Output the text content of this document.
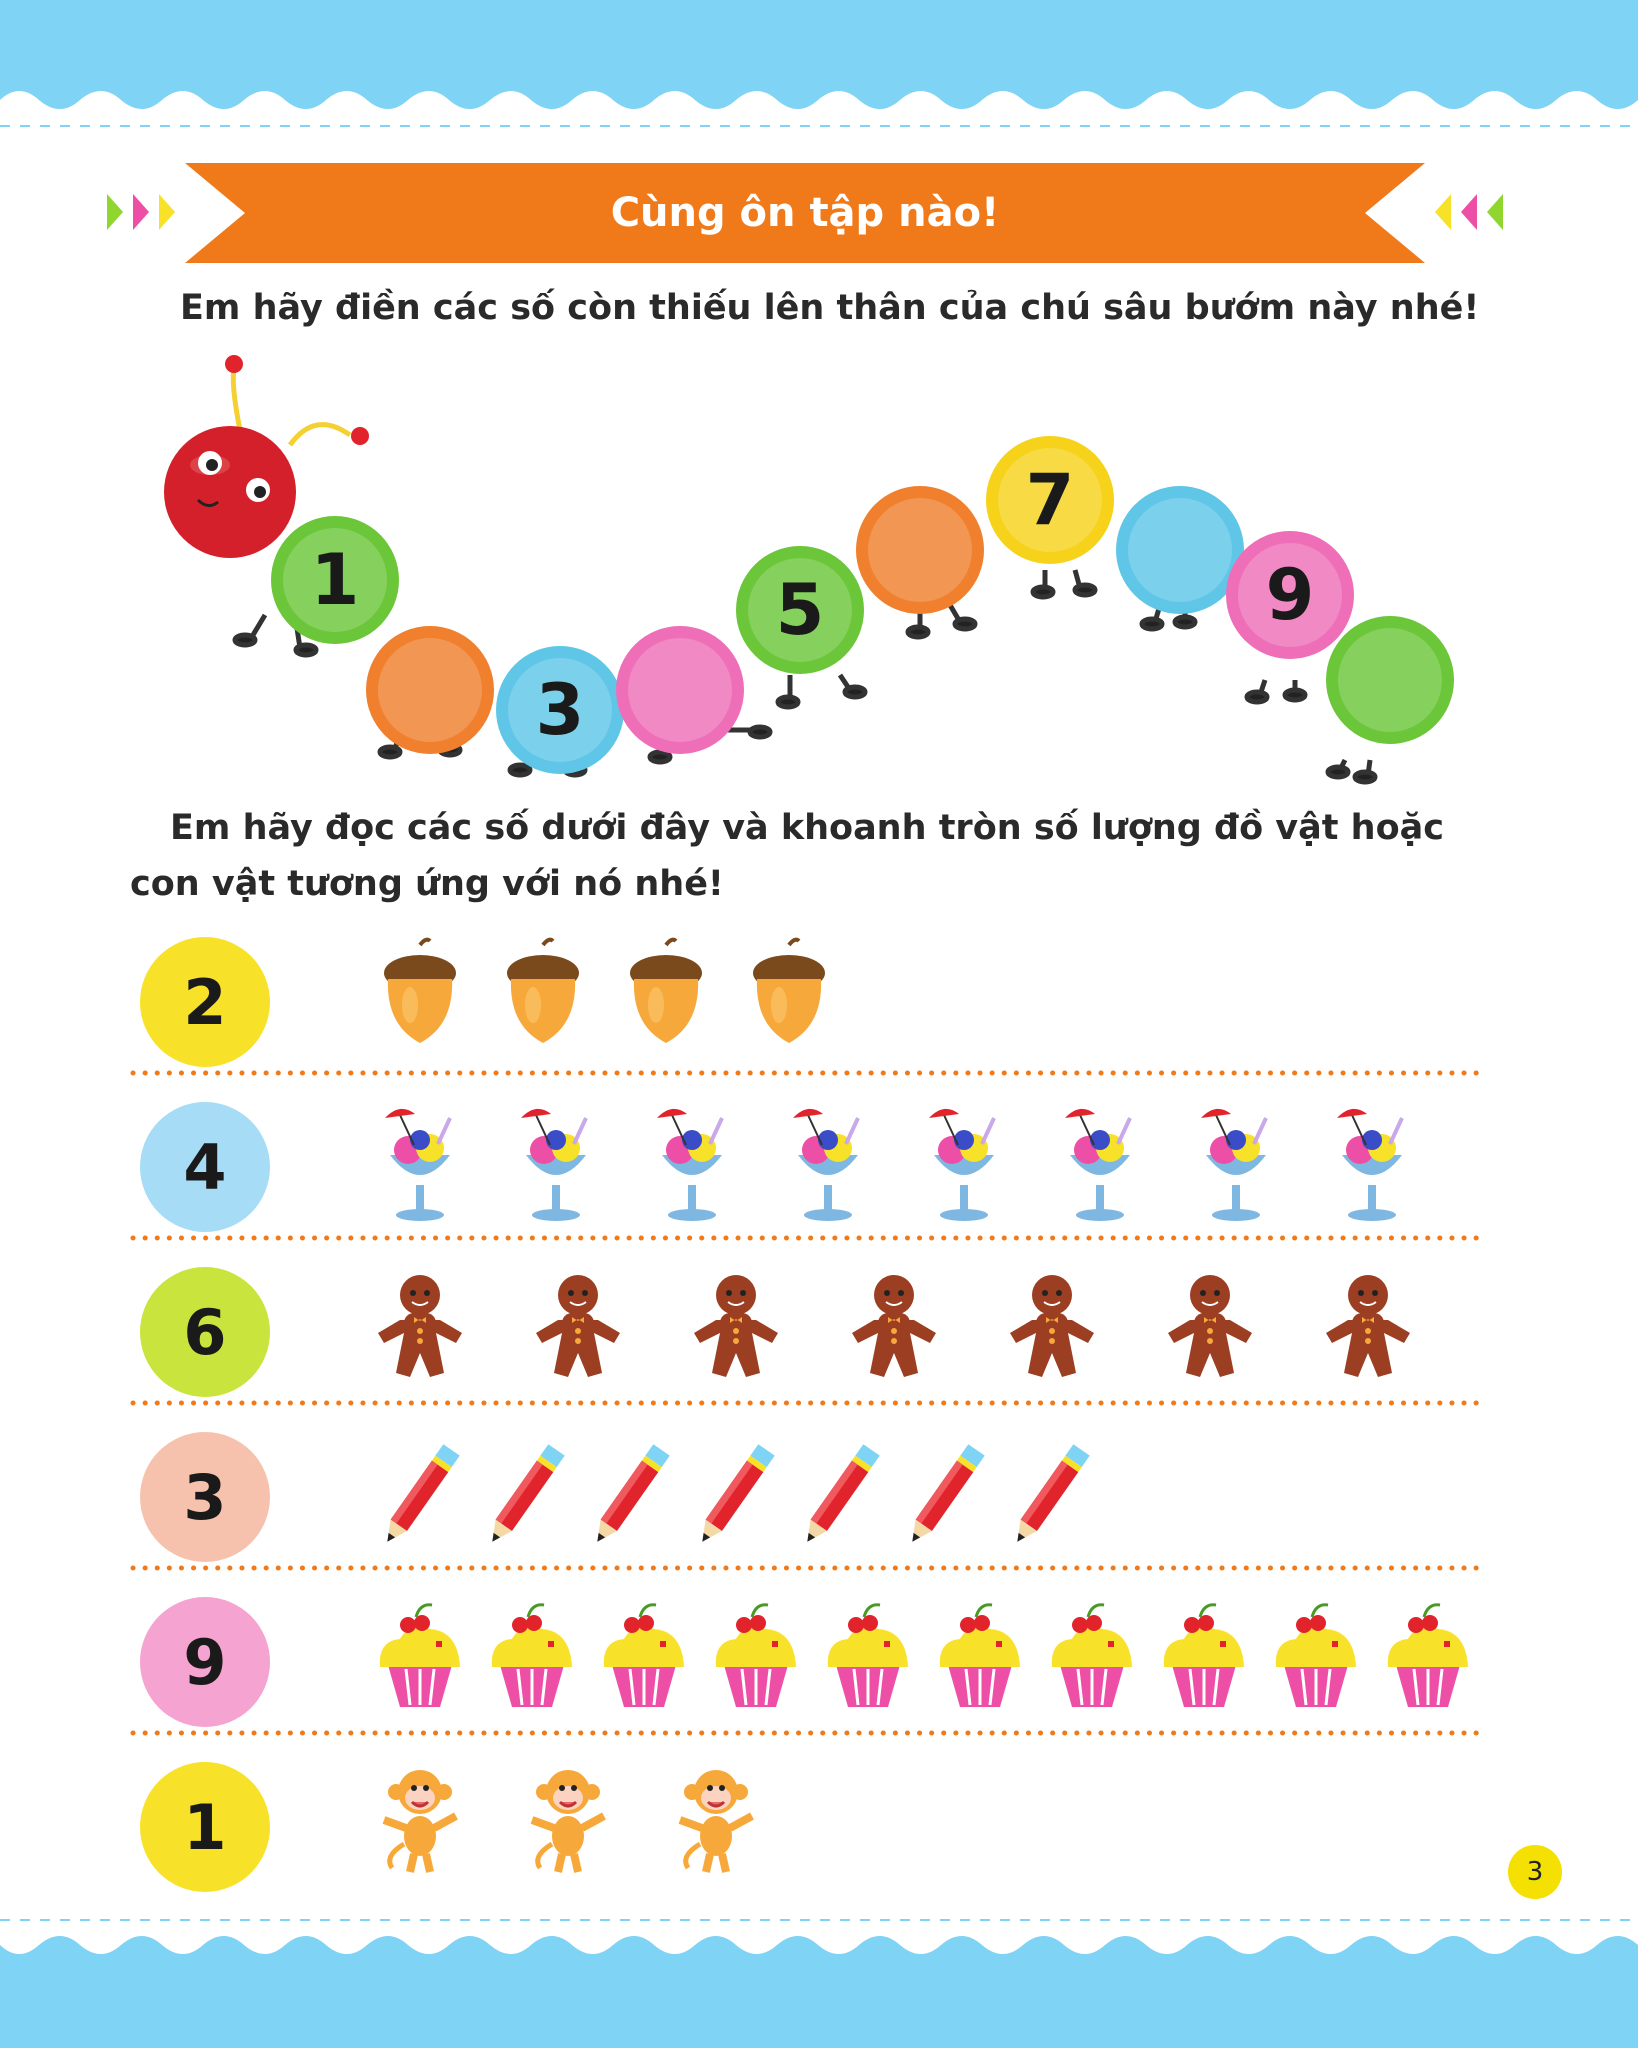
Cùng ôn tập nào!
Em hãy điền các số còn thiếu lên thân của chú sâu bướm này nhé!
1
3
5
7
9
Em hãy đọc các số dưới đây và khoanh tròn số lượng đồ vật hoặc con vật tương ứng với nó nhé!
2
4
6
3
9
1
3
